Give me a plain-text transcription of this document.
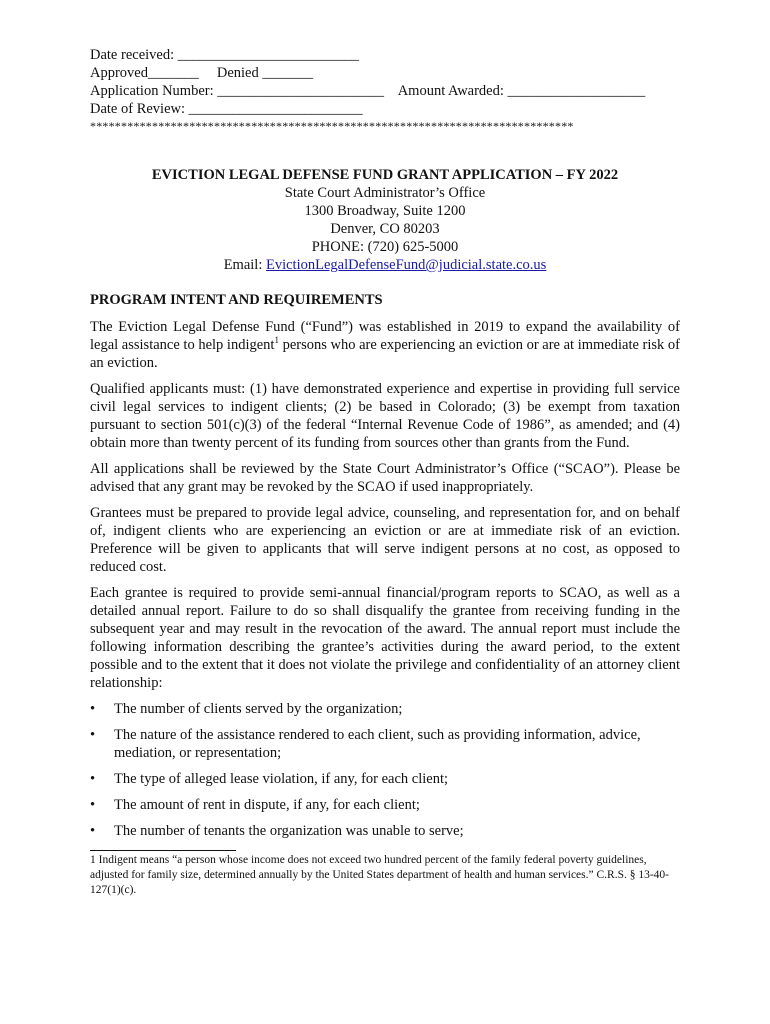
Date received: _________________________
Approved_______     Denied _______
Application Number: _______________________    Amount Awarded: ___________________
Date of Review: ________________________
******************************************************************************
EVICTION LEGAL DEFENSE FUND GRANT APPLICATION – FY 2022
State Court Administrator’s Office
1300 Broadway, Suite 1200
Denver, CO 80203
PHONE: (720) 625-5000
Email: EvictionLegalDefenseFund@judicial.state.co.us
PROGRAM INTENT AND REQUIREMENTS

The Eviction Legal Defense Fund (“Fund”) was established in 2019 to expand the availability of legal assistance to help indigent$^1$ persons who are experiencing an eviction or are at immediate risk of an eviction.

Qualified applicants must: (1) have demonstrated experience and expertise in providing full service civil legal services to indigent clients; (2) be based in Colorado; (3) be exempt from taxation pursuant to section 501(c)(3) of the federal “Internal Revenue Code of 1986”, as amended; and (4) obtain more than twenty percent of its funding from sources other than grants from the Fund.

All applications shall be reviewed by the State Court Administrator’s Office (“SCAO”). Please be advised that any grant may be revoked by the SCAO if used inappropriately.

Grantees must be prepared to provide legal advice, counseling, and representation for, and on behalf of, indigent clients who are experiencing an eviction or are at immediate risk of an eviction. Preference will be given to applicants that will serve indigent persons at no cost, as opposed to reduced cost.

Each grantee is required to provide semi-annual financial/program reports to SCAO, as well as a detailed annual report. Failure to do so shall disqualify the grantee from receiving funding in the subsequent year and may result in the revocation of the award. The annual report must include the following information describing the grantee’s activities during the award period, to the extent possible and to the extent that it does not violate the privilege and confidentiality of an attorney client relationship:

• The number of clients served by the organization;
• The nature of the assistance rendered to each client, such as providing information, advice, mediation, or representation;
• The type of alleged lease violation, if any, for each client;
• The amount of rent in dispute, if any, for each client;
• The number of tenants the organization was unable to serve;
1 Indigent means “a person whose income does not exceed two hundred percent of the family federal poverty guidelines, adjusted for family size, determined annually by the United States department of health and human services.” C.R.S. § 13-40-127(1)(c).
